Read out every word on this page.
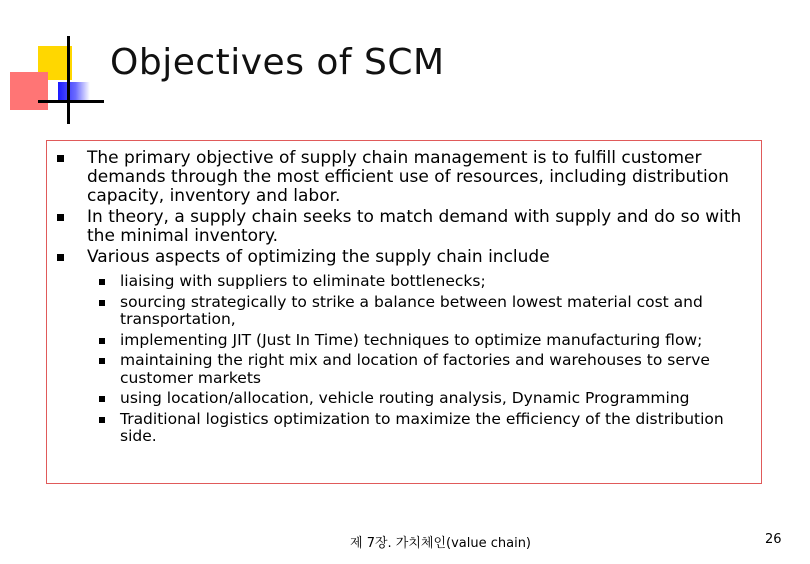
Objectives of SCM
The primary objective of supply chain management is to fulfill customer demands through the most efficient use of resources, including distribution capacity, inventory and labor.
In theory, a supply chain seeks to match demand with supply and do so with the minimal inventory.
Various aspects of optimizing the supply chain include
liaising with suppliers to eliminate bottlenecks;
sourcing strategically to strike a balance between lowest material cost and transportation,
implementing JIT (Just In Time) techniques to optimize manufacturing flow;
maintaining the right mix and location of factories and warehouses to serve customer markets
using location/allocation, vehicle routing analysis, Dynamic Programming
Traditional logistics optimization to maximize the efficiency of the distribution side.
제 7장. 가치체인(value chain)	26
